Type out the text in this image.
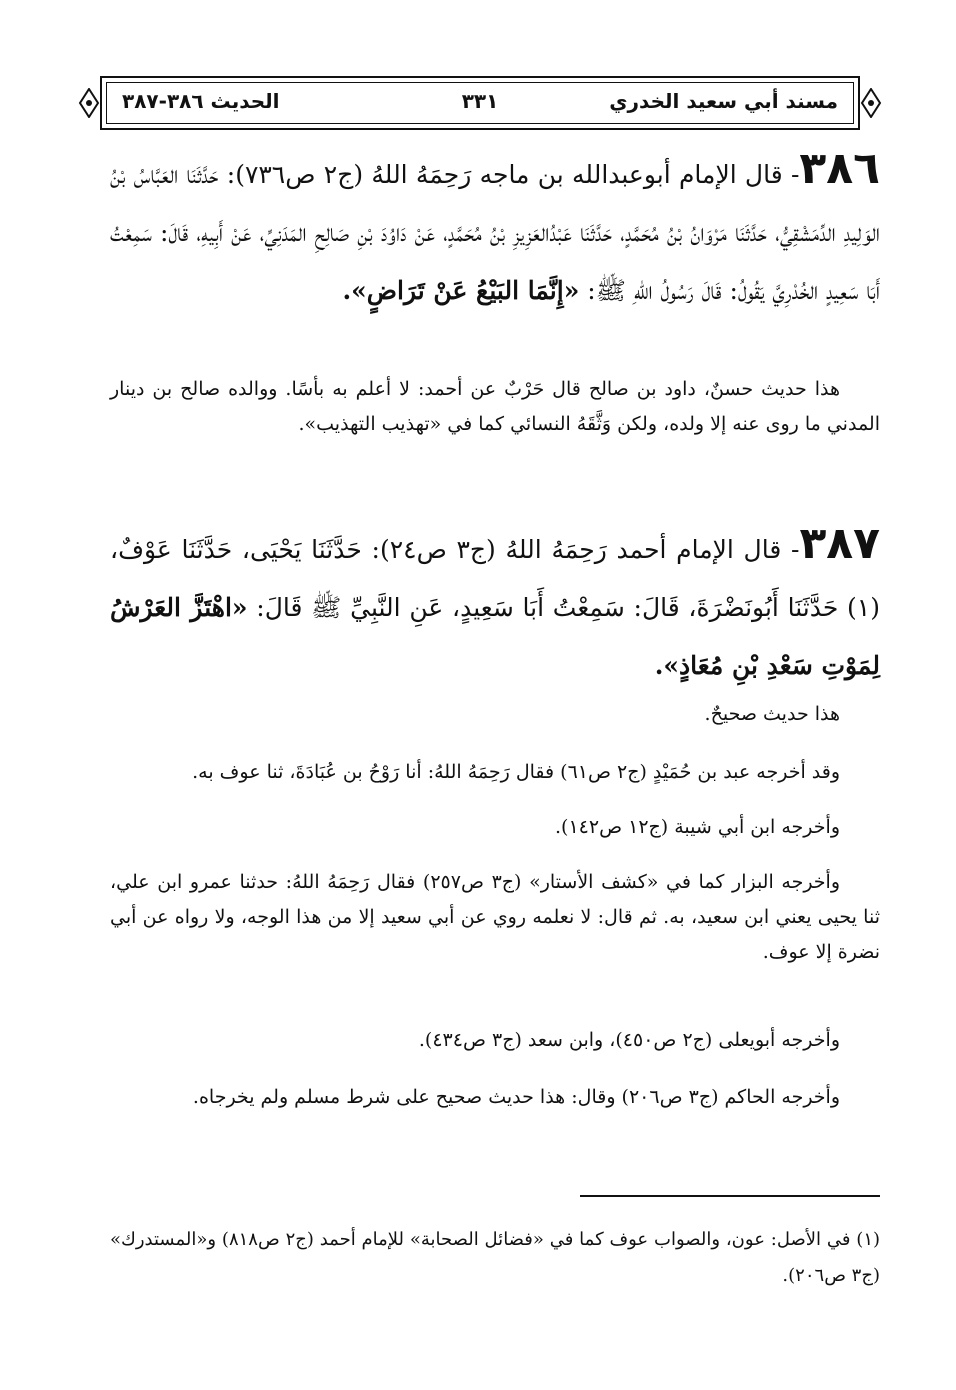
مسند أبي سعيد الخدري
٣٣١
الحديث ٣٨٦-٣٨٧

٣٨٦- قال الإمام أبوعبدالله بن ماجه رَحِمَهُ اللهُ (ج٢ ص٧٣٦): حَدَّثَنَا العَبَّاسُ بْنُ الوَلِيدِ الدِّمَشْقِيُّ، حَدَّثَنَا مَرْوَانُ بْنُ مُحَمَّدٍ، حَدَّثَنَا عَبْدُالعَزِيزِ بْنُ مُحَمَّدٍ، عَنْ دَاوُدَ بْنِ صَالِحِ المَدَنِيِّ، عَنْ أَبِيهِ، قَالَ: سَمِعْتُ أَبَا سَعِيدٍ الخُدْرِيَّ يَقُولُ: قَالَ رَسُولُ اللهِ ﷺ: «إِنَّمَا البَيْعُ عَنْ تَرَاضٍ».

هذا حديث حسنٌ، داود بن صالح قال حَرْبٌ عن أحمد: لا أعلم به بأسًا. ووالده صالح بن دينار المدني ما روى عنه إلا ولده، ولكن وَثَّقَهُ النسائي كما في «تهذيب التهذيب».

٣٨٧- قال الإمام أحمد رَحِمَهُ اللهُ (ج٣ ص٢٤): حَدَّثَنَا يَحْيَى، حَدَّثَنَا عَوْفٌ، (١) حَدَّثَنَا أَبُونَضْرَةَ، قَالَ: سَمِعْتُ أَبَا سَعِيدٍ، عَنِ النَّبِيِّ ﷺ قَالَ: «اهْتَزَّ العَرْشُ لِمَوْتِ سَعْدِ بْنِ مُعَاذٍ».

هذا حديث صحيحٌ.
وقد أخرجه عبد بن حُمَيْدٍ (ج٢ ص٦١) فقال رَحِمَهُ اللهُ: أنا رَوْحُ بن عُبَادَةَ، ثنا عوف به.
وأخرجه ابن أبي شيبة (ج١٢ ص١٤٢).
وأخرجه البزار كما في «كشف الأستار» (ج٣ ص٢٥٧) فقال رَحِمَهُ اللهُ: حدثنا عمرو ابن علي، ثنا يحيى يعني ابن سعيد، به. ثم قال: لا نعلمه روي عن أبي سعيد إلا من هذا الوجه، ولا رواه عن أبي نضرة إلا عوف.
وأخرجه أبويعلى (ج٢ ص٤٥٠)، وابن سعد (ج٣ ص٤٣٤).
وأخرجه الحاكم (ج٣ ص٢٠٦) وقال: هذا حديث صحيح على شرط مسلم ولم يخرجاه.
(١) في الأصل: عون، والصواب عوف كما في «فضائل الصحابة» للإمام أحمد (ج٢ ص٨١٨) و«المستدرك» (ج٣ ص٢٠٦).
